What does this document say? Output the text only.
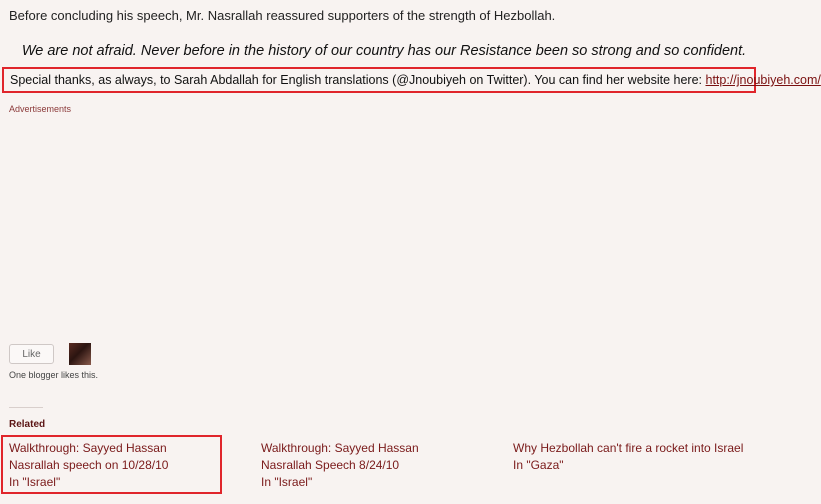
Before concluding his speech, Mr. Nasrallah reassured supporters of the strength of Hezbollah.
We are not afraid. Never before in the history of our country has our Resistance been so strong and so confident.
Special thanks, as always, to Sarah Abdallah for English translations (@Jnoubiyeh on Twitter). You can find her website here: http://jnoubiyeh.com/
Advertisements
Like
One blogger likes this.
Related
Walkthrough: Sayyed Hassan Nasrallah speech on 10/28/10
In "Israel"
Walkthrough: Sayyed Hassan Nasrallah Speech 8/24/10
In "Israel"
Why Hezbollah can't fire a rocket into Israel
In "Gaza"
